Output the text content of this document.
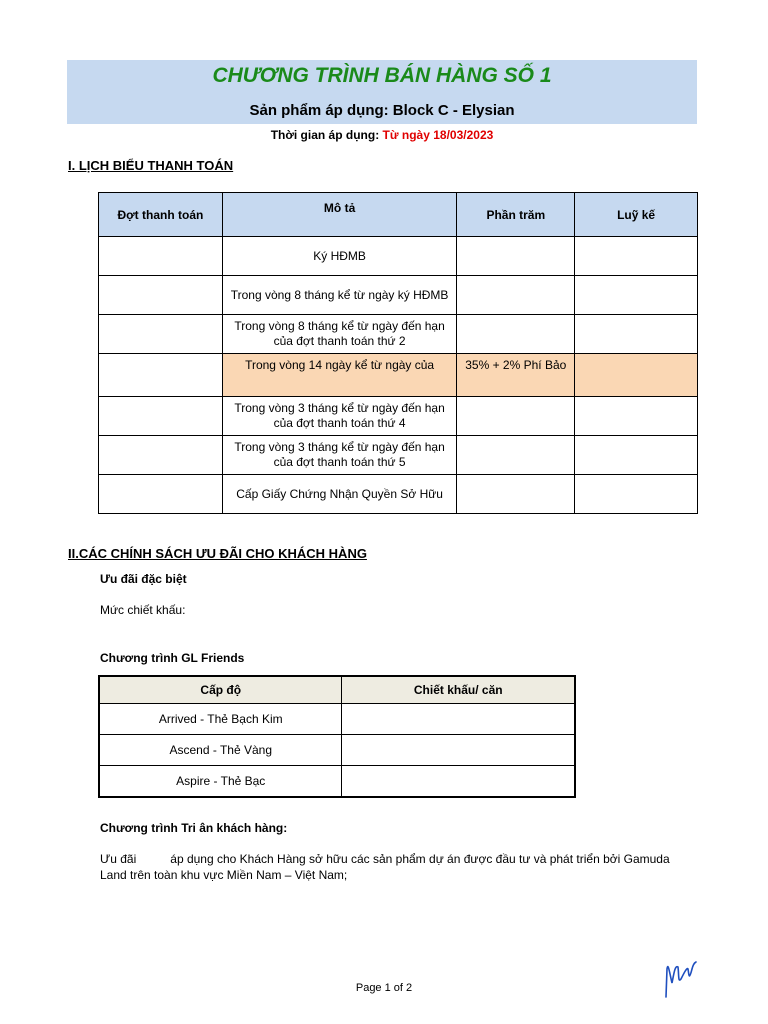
CHƯƠNG TRÌNH BÁN HÀNG SỐ 1
Sản phẩm áp dụng: Block C - Elysian
Thời gian áp dụng: Từ ngày 18/03/2023
I. LỊCH BIỂU THANH TOÁN
Đợt thanh toán	Mô tả	Phần trăm	Luỹ kế
	Ký HĐMB		
	Trong vòng 8 tháng kể từ ngày ký HĐMB		
	Trong vòng 8 tháng kể từ ngày đến hạn của đợt thanh toán thứ 2		
	Trong vòng 14 ngày kể từ ngày của	35% + 2% Phí Bảo	
	Trong vòng 3 tháng kể từ ngày đến hạn của đợt thanh toán thứ 4		
	Trong vòng 3 tháng kể từ ngày đến hạn của đợt thanh toán thứ 5		
	Cấp Giấy Chứng Nhận Quyền Sở Hữu		
II.CÁC CHÍNH SÁCH ƯU ĐÃI CHO KHÁCH HÀNG
Ưu đãi đặc biệt
Mức chiết khấu:
Chương trình GL Friends
Cấp độ	Chiết khấu/ căn
Arrived - Thẻ Bạch Kim	
Ascend - Thẻ Vàng	
Aspire - Thẻ Bạc	
Chương trình Tri ân khách hàng:
Ưu đãi	áp dụng cho Khách Hàng sở hữu các sản phẩm dự án được đầu tư và phát triển bởi Gamuda Land trên toàn khu vực Miền Nam – Việt Nam;
Page 1 of 2
